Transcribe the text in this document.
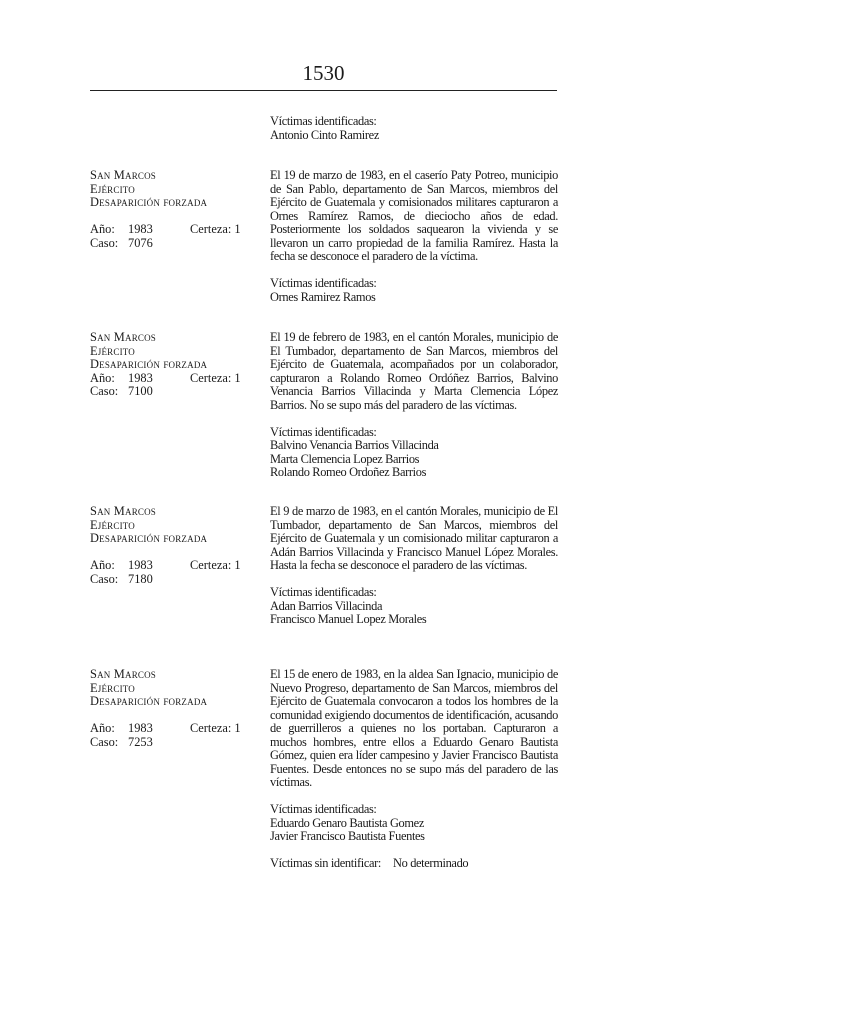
1530
Víctimas identificadas:
Antonio Cinto Ramirez
San Marcos
Ejército
Desaparición forzada
Año: 1983	Certeza: 1
Caso: 7076
El 19 de marzo de 1983, en el caserío Paty Potreo, municipio de San Pablo, departamento de San Marcos, miembros del Ejército de Guatemala y comisionados militares capturaron a Ornes Ramírez Ramos, de dieciocho años de edad. Posteriormente los soldados saquearon la vivienda y se llevaron un carro propiedad de la familia Ramírez. Hasta la fecha se desconoce el paradero de la víctima.
Víctimas identificadas:
Ornes Ramirez Ramos
San Marcos
Ejército
Desaparición forzada
Año: 1983	Certeza: 1
Caso: 7100
El 19 de febrero de 1983, en el cantón Morales, municipio de El Tumbador, departamento de San Marcos, miembros del Ejército de Guatemala, acompañados por un colaborador, capturaron a Rolando Romeo Ordóñez Barrios, Balvino Venancia Barrios Villacinda y Marta Clemencia López Barrios. No se supo más del paradero de las víctimas.
Víctimas identificadas:
Balvino Venancia Barrios Villacinda
Marta Clemencia Lopez Barrios
Rolando Romeo Ordoñez Barrios
San Marcos
Ejército
Desaparición forzada
Año: 1983	Certeza: 1
Caso: 7180
El 9 de marzo de 1983, en el cantón Morales, municipio de El Tumbador, departamento de San Marcos, miembros del Ejército de Guatemala y un comisionado militar capturaron a Adán Barrios Villacinda y Francisco Manuel López Morales. Hasta la fecha se desconoce el paradero de las víctimas.
Víctimas identificadas:
Adan Barrios Villacinda
Francisco Manuel Lopez Morales
San Marcos
Ejército
Desaparición forzada
Año: 1983	Certeza: 1
Caso: 7253
El 15 de enero de 1983, en la aldea San Ignacio, municipio de Nuevo Progreso, departamento de San Marcos, miembros del Ejército de Guatemala convocaron a todos los hombres de la comunidad exigiendo documentos de identificación, acusando de guerrilleros a quienes no los portaban. Capturaron a muchos hombres, entre ellos a Eduardo Genaro Bautista Gómez, quien era líder campesino y Javier Francisco Bautista Fuentes. Desde entonces no se supo más del paradero de las víctimas.
Víctimas identificadas:
Eduardo Genaro Bautista Gomez
Javier Francisco Bautista Fuentes
Víctimas sin identificar: No determinado
